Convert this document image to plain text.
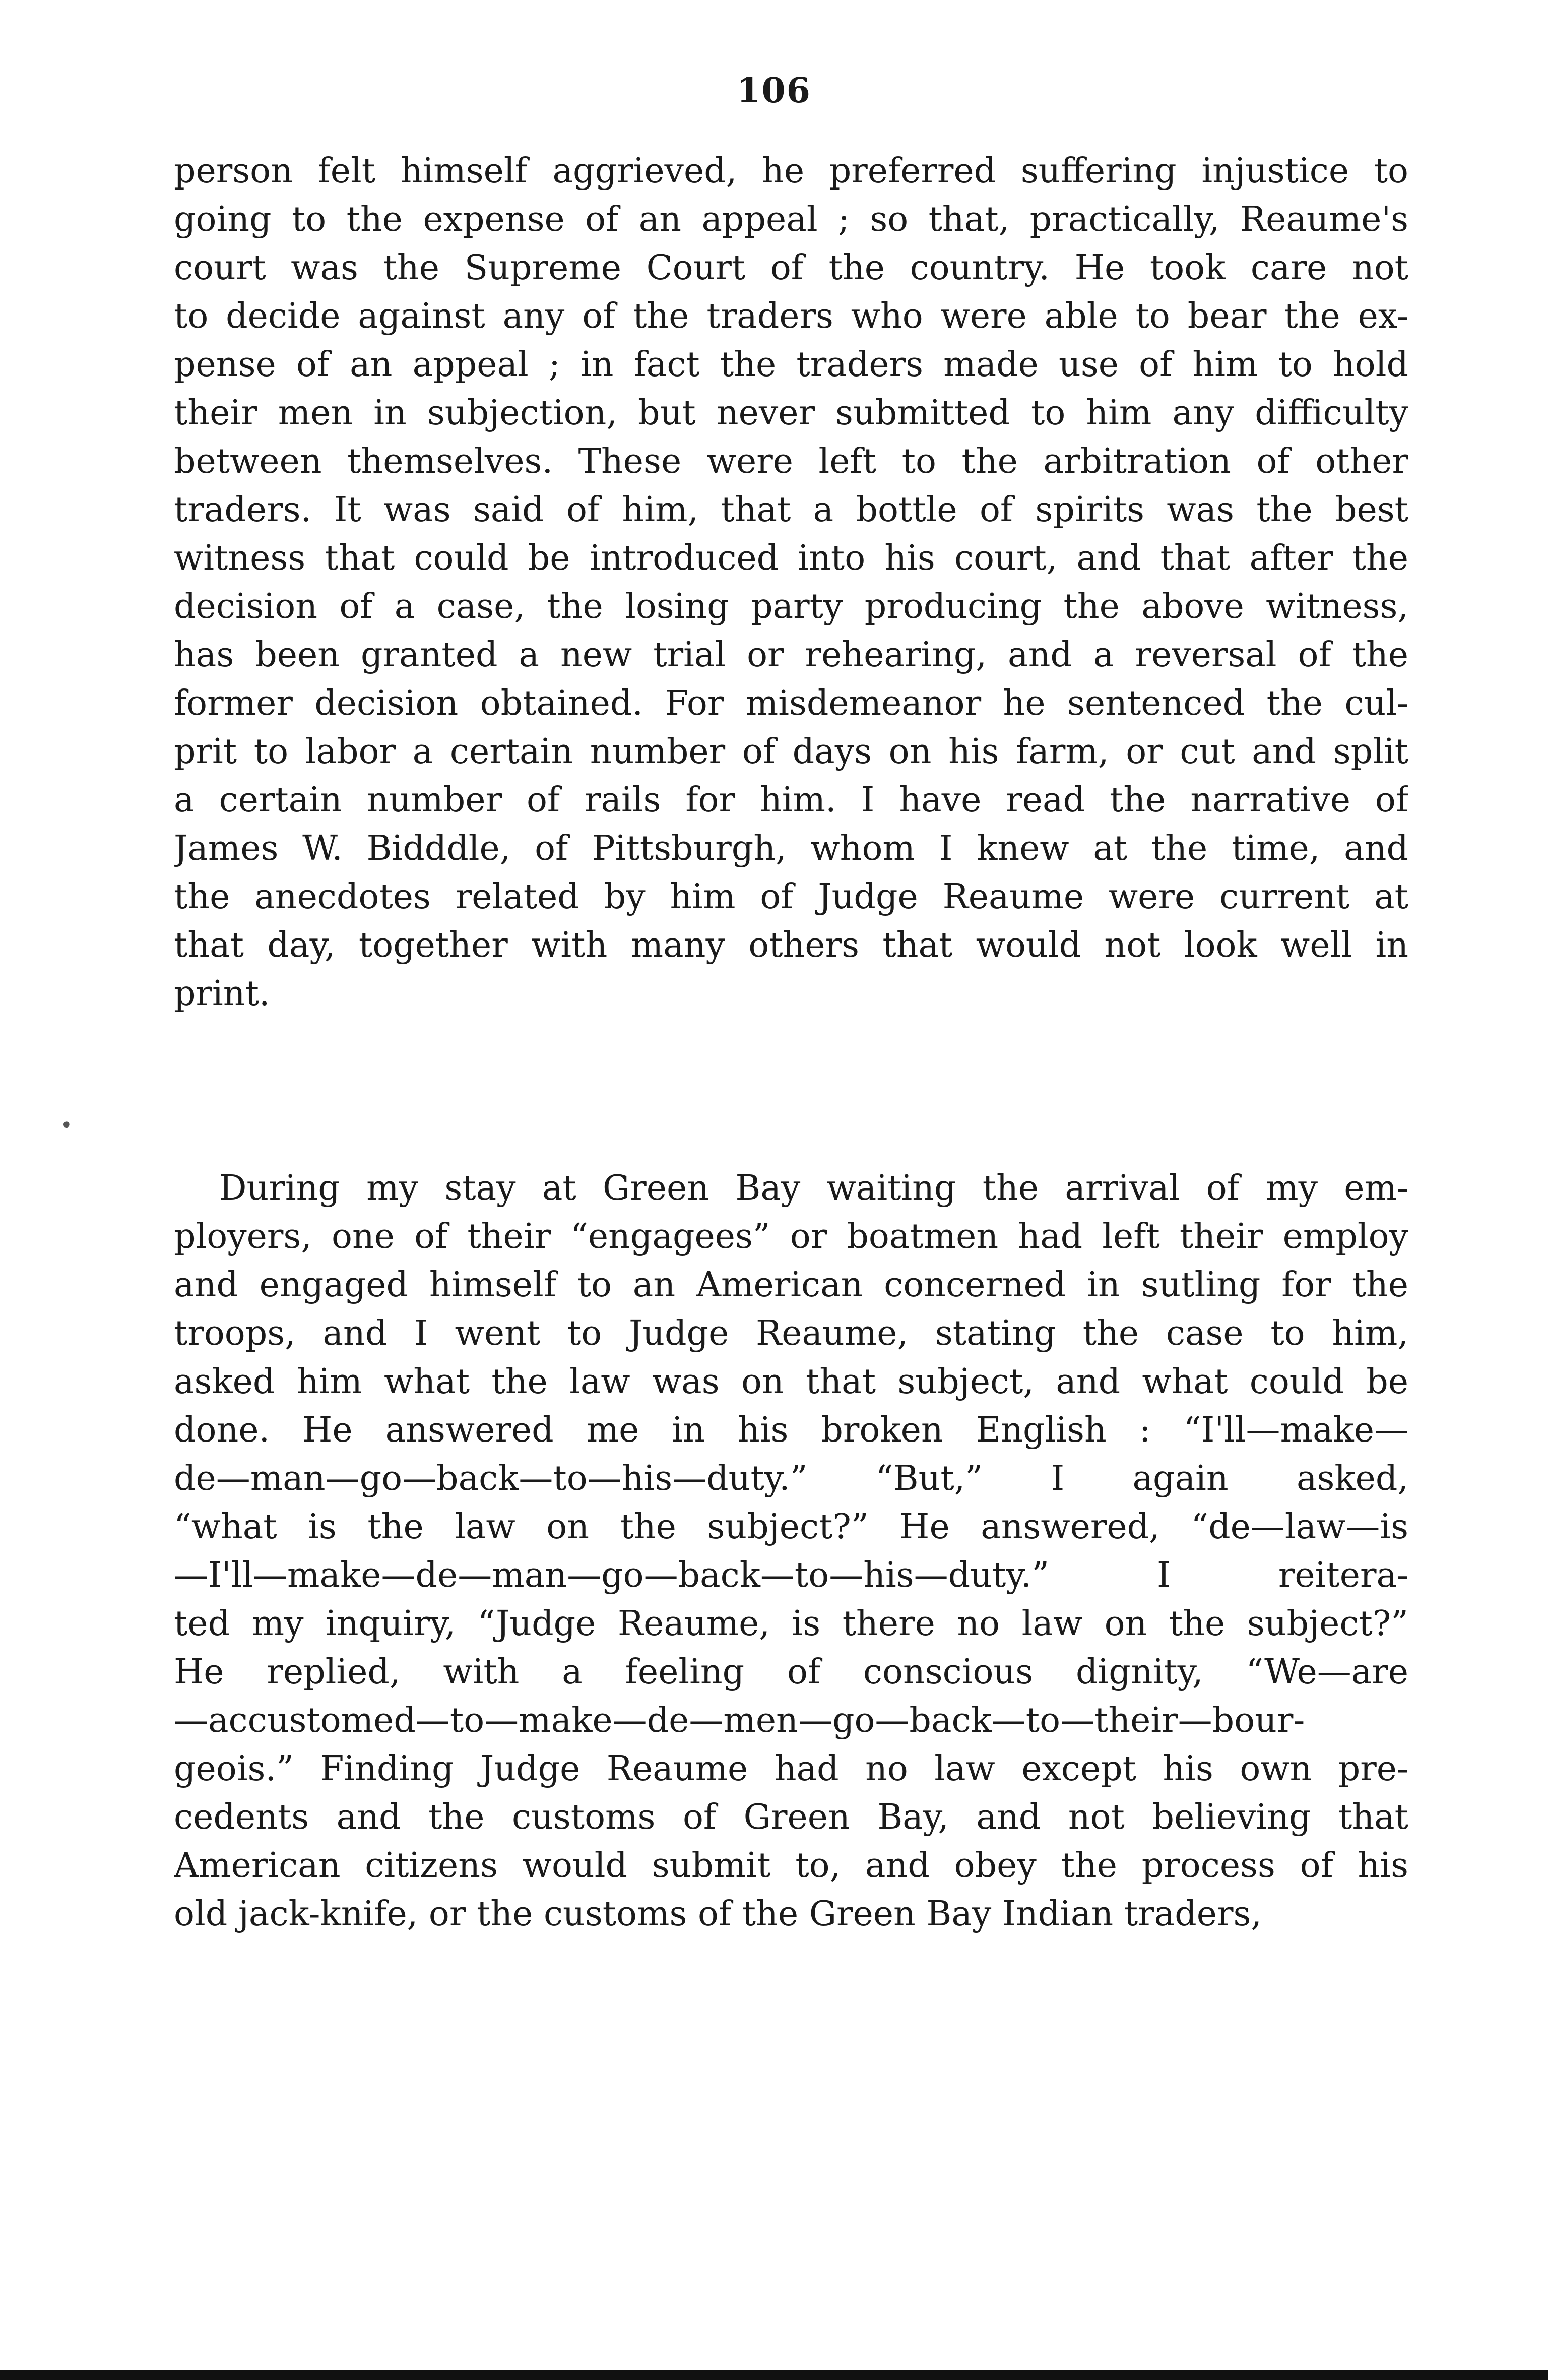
106
•
person felt himself aggrieved, he preferred suffering injustice to
going to the expense of an appeal ; so that, practically, Reaume's
court was the Supreme Court of the country. He took care not
to decide against any of the traders who were able to bear the ex-
pense of an appeal ; in fact the traders made use of him to hold
their men in subjection, but never submitted to him any difficulty
between themselves. These were left to the arbitration of other
traders. It was said of him, that a bottle of spirits was the best
witness that could be introduced into his court, and that after the
decision of a case, the losing party producing the above witness,
has been granted a new trial or rehearing, and a reversal of the
former decision obtained. For misdemeanor he sentenced the cul-
prit to labor a certain number of days on his farm, or cut and split
a certain number of rails for him. I have read the narrative of
James W. Bidddle, of Pittsburgh, whom I knew at the time, and
the anecdotes related by him of Judge Reaume were current at
that day, together with many others that would not look well in
print.
During my stay at Green Bay waiting the arrival of my em-
ployers, one of their “engagees” or boatmen had left their employ
and engaged himself to an American concerned in sutling for the
troops, and I went to Judge Reaume, stating the case to him,
asked him what the law was on that subject, and what could be
done. He answered me in his broken English : “I'll—make—
de—man—go—back—to—his—duty.” “But,” I again asked,
“what is the law on the subject?” He answered, “de—law—is
—I'll—make—de—man—go—back—to—his—duty.” I reitera-
ted my inquiry, “Judge Reaume, is there no law on the subject?”
He replied, with a feeling of conscious dignity, “We—are
—accustomed—to—make—de—men—go—back—to—their—bour-
geois.” Finding Judge Reaume had no law except his own pre-
cedents and the customs of Green Bay, and not believing that
American citizens would submit to, and obey the process of his
old jack-knife, or the customs of the Green Bay Indian traders,
